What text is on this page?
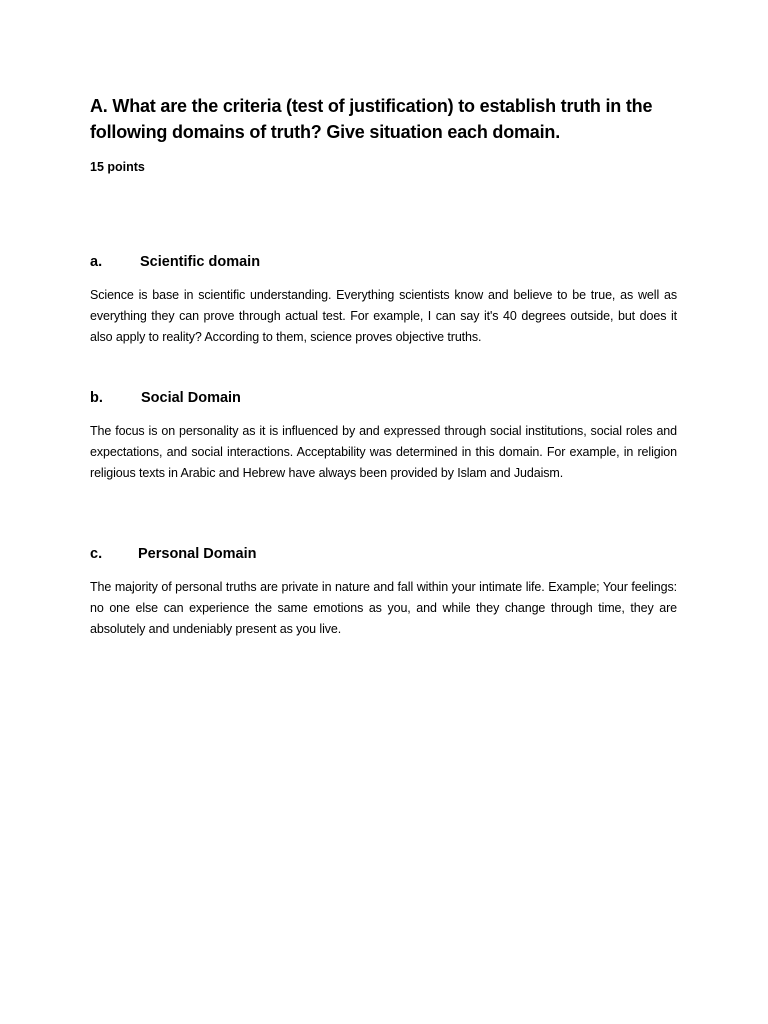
A. What are the criteria (test of justification) to establish truth in the following domains of truth? Give situation each domain.

15 points

a.	Scientific domain

Science is base in scientific understanding. Everything scientists know and believe to be true, as well as everything they can prove through actual test. For example, I can say it's 40 degrees outside, but does it also apply to reality? According to them, science proves objective truths.

b.	Social Domain

The focus is on personality as it is influenced by and expressed through social institutions, social roles and expectations, and social interactions. Acceptability was determined in this domain. For example, in religion religious texts in Arabic and Hebrew have always been provided by Islam and Judaism.

c.	Personal Domain

The majority of personal truths are private in nature and fall within your intimate life. Example; Your feelings: no one else can experience the same emotions as you, and while they change through time, they are absolutely and undeniably present as you live.
